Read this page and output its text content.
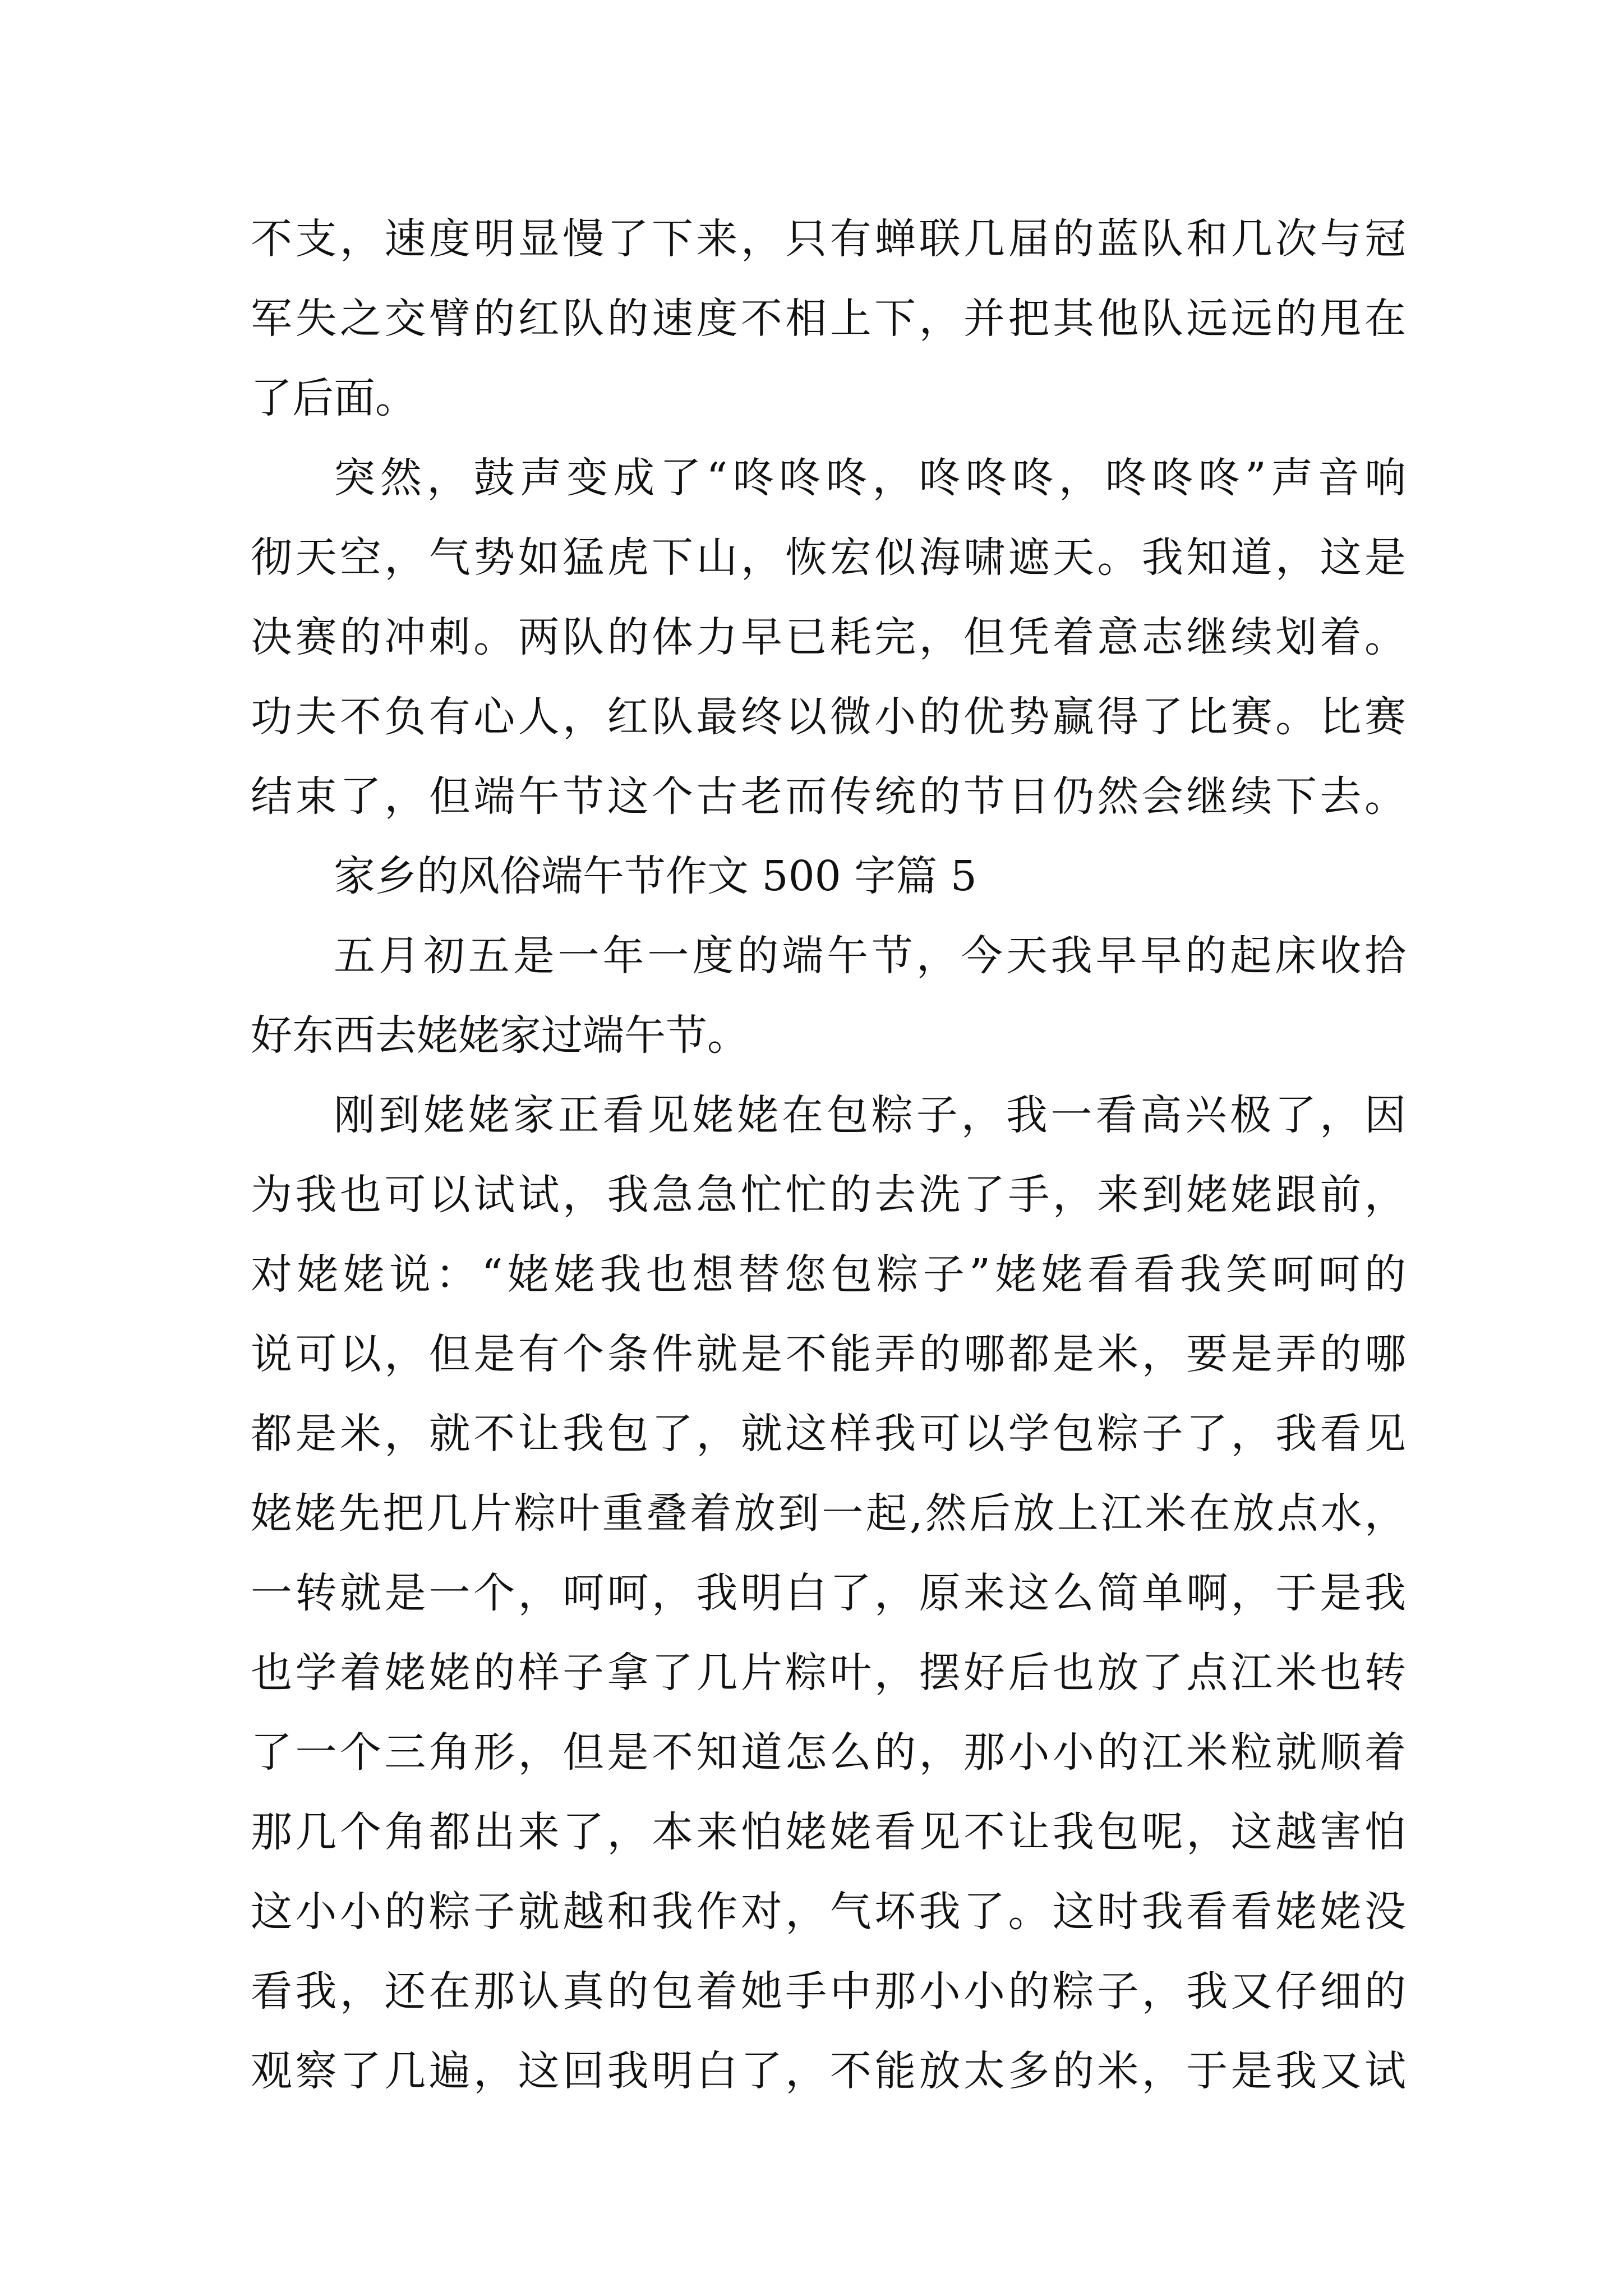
不支，速度明显慢了下来，只有蝉联几届的蓝队和几次与冠
军失之交臂的红队的速度不相上下，并把其他队远远的甩在
了后面。
突然，鼓声变成了“咚咚咚，咚咚咚，咚咚咚”声音响
彻天空，气势如猛虎下山，恢宏似海啸遮天。我知道，这是
决赛的冲刺。两队的体力早已耗完，但凭着意志继续划着。
功夫不负有心人，红队最终以微小的优势赢得了比赛。比赛
结束了，但端午节这个古老而传统的节日仍然会继续下去。
家乡的风俗端午节作文 500 字篇 5
五月初五是一年一度的端午节，今天我早早的起床收拾
好东西去姥姥家过端午节。
刚到姥姥家正看见姥姥在包粽子，我一看高兴极了，因
为我也可以试试，我急急忙忙的去洗了手，来到姥姥跟前，
对姥姥说：“姥姥我也想替您包粽子”姥姥看看我笑呵呵的
说可以，但是有个条件就是不能弄的哪都是米，要是弄的哪
都是米，就不让我包了，就这样我可以学包粽子了，我看见
姥姥先把几片粽叶重叠着放到一起,然后放上江米在放点水，
一转就是一个，呵呵，我明白了，原来这么简单啊，于是我
也学着姥姥的样子拿了几片粽叶，摆好后也放了点江米也转
了一个三角形，但是不知道怎么的，那小小的江米粒就顺着
那几个角都出来了，本来怕姥姥看见不让我包呢，这越害怕
这小小的粽子就越和我作对，气坏我了。这时我看看姥姥没
看我，还在那认真的包着她手中那小小的粽子，我又仔细的
观察了几遍，这回我明白了，不能放太多的米，于是我又试
